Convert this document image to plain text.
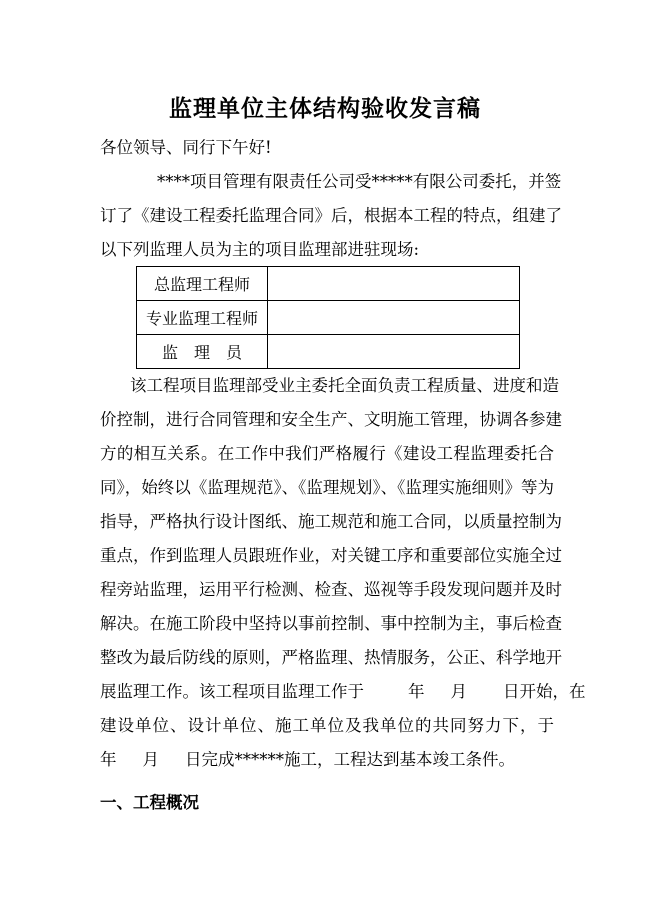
监理单位主体结构验收发言稿
各位领导、同行下午好!
****项目管理有限责任公司受*****有限公司委托，并签
订了《建设工程委托监理合同》后，根据本工程的特点，组建了
以下列监理人员为主的项目监理部进驻现场:
总监理工程师	
专业监理工程师	
监　理　员	
该工程项目监理部受业主委托全面负责工程质量、进度和造
价控制，进行合同管理和安全生产、文明施工管理，协调各参建
方的相互关系。在工作中我们严格履行《建设工程监理委托合
同》，始终以《监理规范》、《监理规划》、《监理实施细则》等为
指导，严格执行设计图纸、施工规范和施工合同，以质量控制为
重点，作到监理人员跟班作业，对关键工序和重要部位实施全过
程旁站监理，运用平行检测、检查、巡视等手段发现问题并及时
解决。在施工阶段中坚持以事前控制、事中控制为主，事后检查
整改为最后防线的原则，严格监理、热情服务，公正、科学地开
展监理工作。该工程项目监理工作于	年 月 日开始，在
建设单位、设计单位、施工单位及我单位的共同努力下，于
年 月 日完成******施工，工程达到基本竣工条件。
一、工程概况
